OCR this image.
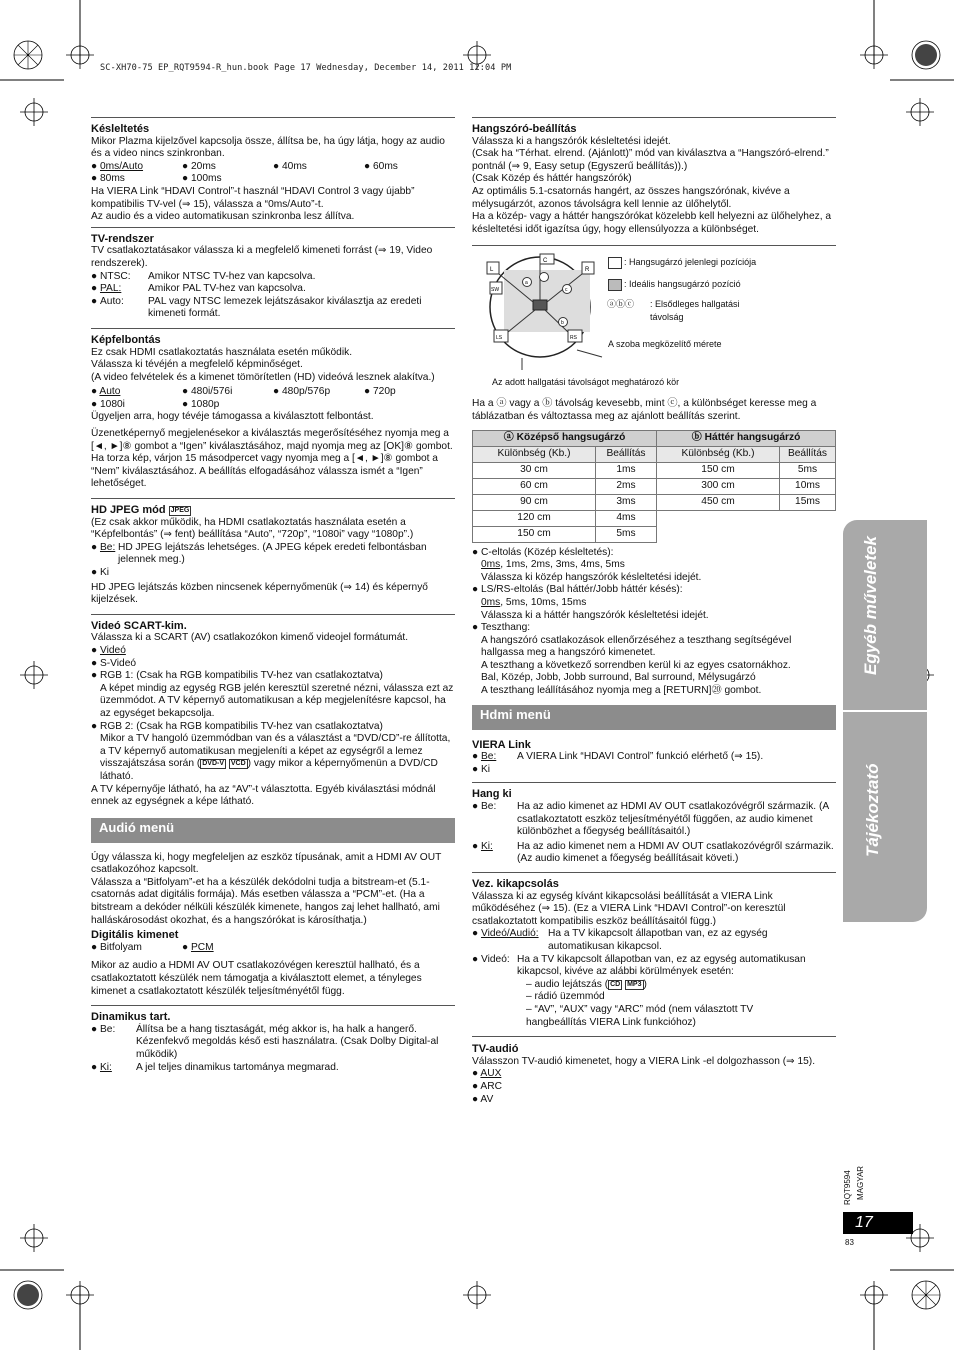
SC-XH70-75 EP_RQT9594-R_hun.book Page 17 Wednesday, December 14, 2011 12:04 PM

Késleltetés

Mikor Plazma kijelzővel kapcsolja össze, állítsa be, ha úgy látja, hogy az audio és a video nincs szinkronban.

● 0ms/Auto	● 20ms	● 40ms	● 60ms
● 80ms	● 100ms

Ha VIERA Link “HDAVI Control”-t használ “HDAVI Control 3 vagy újabb” kompatibilis TV-vel (⇒ 15), válassza a “0ms/Auto”-t.

Az audio és a video automatikusan szinkronba lesz állítva.

TV-rendszer

TV csatlakoztatásakor válassza ki a megfelelő kimeneti forrást (⇒ 19, Video rendszerek).

● NTSC:	Amikor NTSC TV-hez van kapcsolva.
● PAL:	Amikor PAL TV-hez van kapcsolva.
● Auto:	PAL vagy NTSC lemezek lejátszásakor kiválasztja az eredeti kimeneti formát.

Képfelbontás

Ez csak HDMI csatlakoztatás használata esetén működik.

Válassza ki tévéjén a megfelelő képminőséget.

(A video felvételek és a kimenet tömörítetlen (HD) videóvá lesznek alakítva.)

● Auto	● 480i/576i	● 480p/576p	● 720p
● 1080i	● 1080p

Ügyeljen arra, hogy tévéje támogassa a kiválasztott felbontást.

Üzenetképernyő megjelenésekor a kiválasztás megerősítéséhez nyomja meg a [◄, ►]⑧ gombot a “Igen” kiválasztásához, majd nyomja meg az [OK]⑧ gombot. Ha torza kép, várjon 15 másodpercet vagy nyomja meg a [◄, ►]⑧ gombot a “Nem” kiválasztásához. A beállítás elfogadásához válassza ismét a “Igen” lehetőséget.

HD JPEG mód JPEG

(Ez csak akkor működik, ha HDMI csatlakoztatás használata esetén a “Képfelbontás” (⇒ fent) beállítása “Auto”, “720p”, “1080i” vagy “1080p”.)

● Be: HD JPEG lejátszás lehetséges. (A JPEG képek eredeti felbontásban jelennek meg.)

● Ki

HD JPEG lejátszás közben nincsenek képernyőmenük (⇒ 14) és képernyő kijelzések.

Videó SCART-kim.

Válassza ki a SCART (AV) csatlakozókon kimenő videojel formátumát.

● Videó

● S-Videó

● RGB 1: (Csak ha RGB kompatibilis TV-hez van csatlakoztatva)

A képet mindig az egység RGB jelén keresztül szeretné nézni, válassza ezt az üzemmódot. A TV képernyő automatikusan a kép megjelenítésre kapcsol, ha az egységet bekapcsolja.

● RGB 2: (Csak ha RGB kompatibilis TV-hez van csatlakoztatva)

Mikor a TV hangoló üzemmódban van és a választást a “DVD/CD”-re állította, a TV képernyő automatikusan megjeleníti a képet az egységről a lemez visszajátszása során ( DVD-V VCD ) vagy mikor a képernyőmenün a DVD/CD látható.

A TV képernyője látható, ha az “AV”-t választotta. Egyéb kiválasztási módnál ennek az egységnek a képe látható.

Audió menü

Úgy válassza ki, hogy megfeleljen az eszköz típusának, amit a HDMI AV OUT csatlakozóhoz kapcsolt.

Válassza a “Bitfolyam”-et ha a készülék dekódolni tudja a bitstream-et (5.1-csatornás adat digitális formája). Más esetben válassza a “PCM”-et. (Ha a bitstream a dekóder nélküli készülék kimenete, hangos zaj lehet hallható, ami halláskárosodást okozhat, és a hangszórókat is károsíthatja.)

Digitális kimenet

● Bitfolyam	● PCM

Mikor az audio a HDMI AV OUT csatlakozóvégen keresztül hallható, és a csatlakoztatott készülék nem támogatja a kiválasztott elemet, a tényleges kimenet a csatlakoztatott készülék teljesítményétől függ.

Dinamikus tart.

● Be:	Állítsa be a hang tisztaságát, még akkor is, ha halk a hangerő. Kézenfekvő megoldás késő esti használatra. (Csak Dolby Digital-al működik)
● Ki:	A jel teljes dinamikus tartománya megmarad.

Hangszóró-beállítás

Válassza ki a hangszórók késleltetési idejét.

(Csak ha “Térhat. elrend. (Ajánlott)” mód van kiválasztva a “Hangszóró-elrend.” pontnál (⇒ 9, Easy setup (Egyszerű beállítás)).)

(Csak Közép és háttér hangszórók)

Az optimális 5.1-csatornás hangért, az összes hangszórónak, kivéve a mélysugárzót, azonos távolságra kell lennie az ülőhelytől.

Ha a közép- vagy a háttér hangszórókat közelebb kell helyezni az ülőhelyhez, a késleltetési időt igazítsa úgy, hogy ellensúlyozza a különbséget.

L
C
R
SW
LS	RS
a
c
b
: Hangsugárzó jelenlegi pozíciója
: Ideális hangsugárzó pozíció
ⓐⓑⓒ : Elsődleges hallgatási távolság
A szoba megközelítő mérete
Az adott hallgatási távolságot meghatározó kör

Ha a ⓐ vagy a ⓑ távolság kevesebb, mint ⓒ, a különbséget keresse meg a táblázatban és változtassa meg az ajánlott beállítás szerint.

ⓐ Középső hangsugárzó		ⓑ Háttér hangsugárzó	
Különbség (Kb.)	Beállítás	Különbség (Kb.)	Beállítás
30 cm	1ms	150 cm	5ms
60 cm	2ms	300 cm	10ms
90 cm	3ms	450 cm	15ms
120 cm	4ms		
150 cm	5ms		

● C-eltolás (Közép késleltetés):

0ms, 1ms, 2ms, 3ms, 4ms, 5ms

Válassza ki közép hangszórók késleltetési idejét.

● LS/RS-eltolás (Bal háttér/Jobb háttér késés):

0ms, 5ms, 10ms, 15ms

Válassza ki a háttér hangszórók késleltetési idejét.

● Teszthang:

A hangszóró csatlakozások ellenőrzéséhez a teszthang segítségével hallgassa meg a hangszóró kimenetet.

A teszthang a következő sorrendben kerül ki az egyes csatornákhoz.

Bal, Közép, Jobb, Jobb surround, Bal surround, Mélysugárzó

A teszthang leállításához nyomja meg a [RETURN]⑳ gombot.

Hdmi menü

VIERA Link

● Be:	A VIERA Link “HDAVI Control” funkció elérhető (⇒ 15).

● Ki

Hang ki

● Be:	Ha az adio kimenet az HDMI AV OUT csatlakozóvégről származik. (A csatlakoztatott eszköz teljesítményétől függően, az audio kimenet különbözhet a főegység beállításaitól.)
● Ki:	Ha az adio kimenet nem a HDMI AV OUT csatlakozóvégről származik. (Az audio kimenet a főegység beállításait követi.)

Vez. kikapcsolás

Válassza ki az egység kívánt kikapcsolási beállítását a VIERA Link működéséhez (⇒ 15). (Ez a VIERA Link “HDAVI Control”-on keresztül csatlakoztatott kompatibilis eszköz beállításaitól függ.)

● Videó/Audió: Ha a TV kikapcsolt állapotban van, ez az egység automatikusan kikapcsol.
● Videó: Ha a TV kikapcsolt állapotban van, ez az egység automatikusan kikapcsol, kivéve az alábbi körülmények esetén:

– audio lejátszás ( CD MP3 )

– rádió üzemmód

– “AV”, “AUX” vagy “ARC” mód (nem választott TV hangbeállítás VIERA Link funkcióhoz)

TV-audió

Válasszon TV-audió kimenetet, hogy a VIERA Link -el dolgozhasson (⇒ 15).

● AUX

● ARC

● AV

Egyéb műveletek
Tájékoztató
RQT9594 MAGYAR
17
83
